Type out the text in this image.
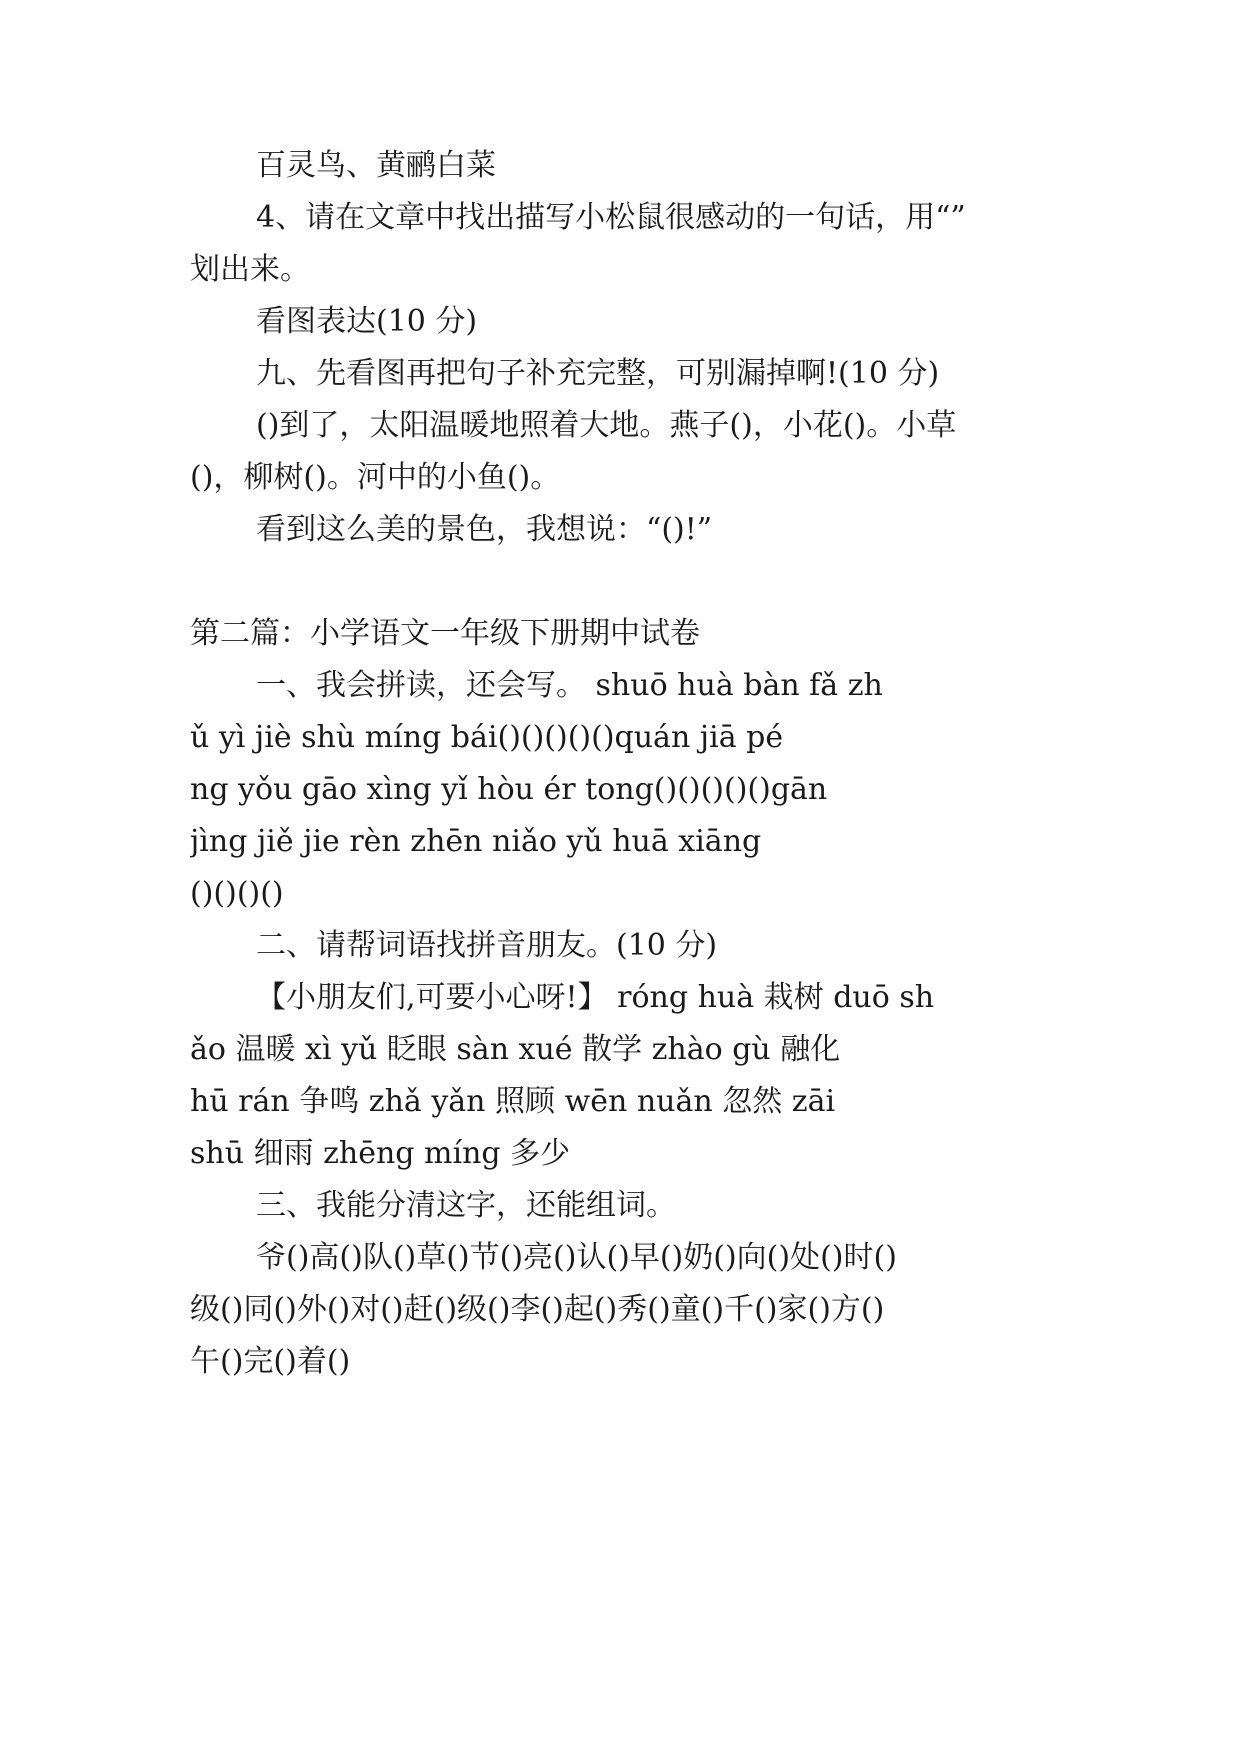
百灵鸟、黄鹂白菜
4、请在文章中找出描写小松鼠很感动的一句话，用“”
划出来。
看图表达(10 分)
九、先看图再把句子补充完整，可别漏掉啊!(10 分)
()到了，太阳温暖地照着大地。燕子()，小花()。小草
()，柳树()。河中的小鱼()。
看到这么美的景色，我想说：“()!”
第二篇：小学语文一年级下册期中试卷
一、我会拼读，还会写。 shuō huà bàn fǎ zh
ǔ yì jiè shù míng bái()()()()()quán jiā pé
ng yǒu gāo xìng yǐ hòu ér tong()()()()()gān
jìng jiě jie rèn zhēn niǎo yǔ huā xiāng
()()()()
二、请帮词语找拼音朋友。(10 分)
【小朋友们,可要小心呀!】 róng huà 栽树 duō sh
ǎo 温暖 xì yǔ 眨眼 sàn xué 散学 zhào gù 融化
hū rán 争鸣 zhǎ yǎn 照顾 wēn nuǎn 忽然 zāi
shū 细雨 zhēng míng 多少
三、我能分清这字，还能组词。
爷()高()队()草()节()亮()认()早()奶()向()处()时()
级()同()外()对()赶()级()李()起()秀()童()千()家()方()
午()完()着()
